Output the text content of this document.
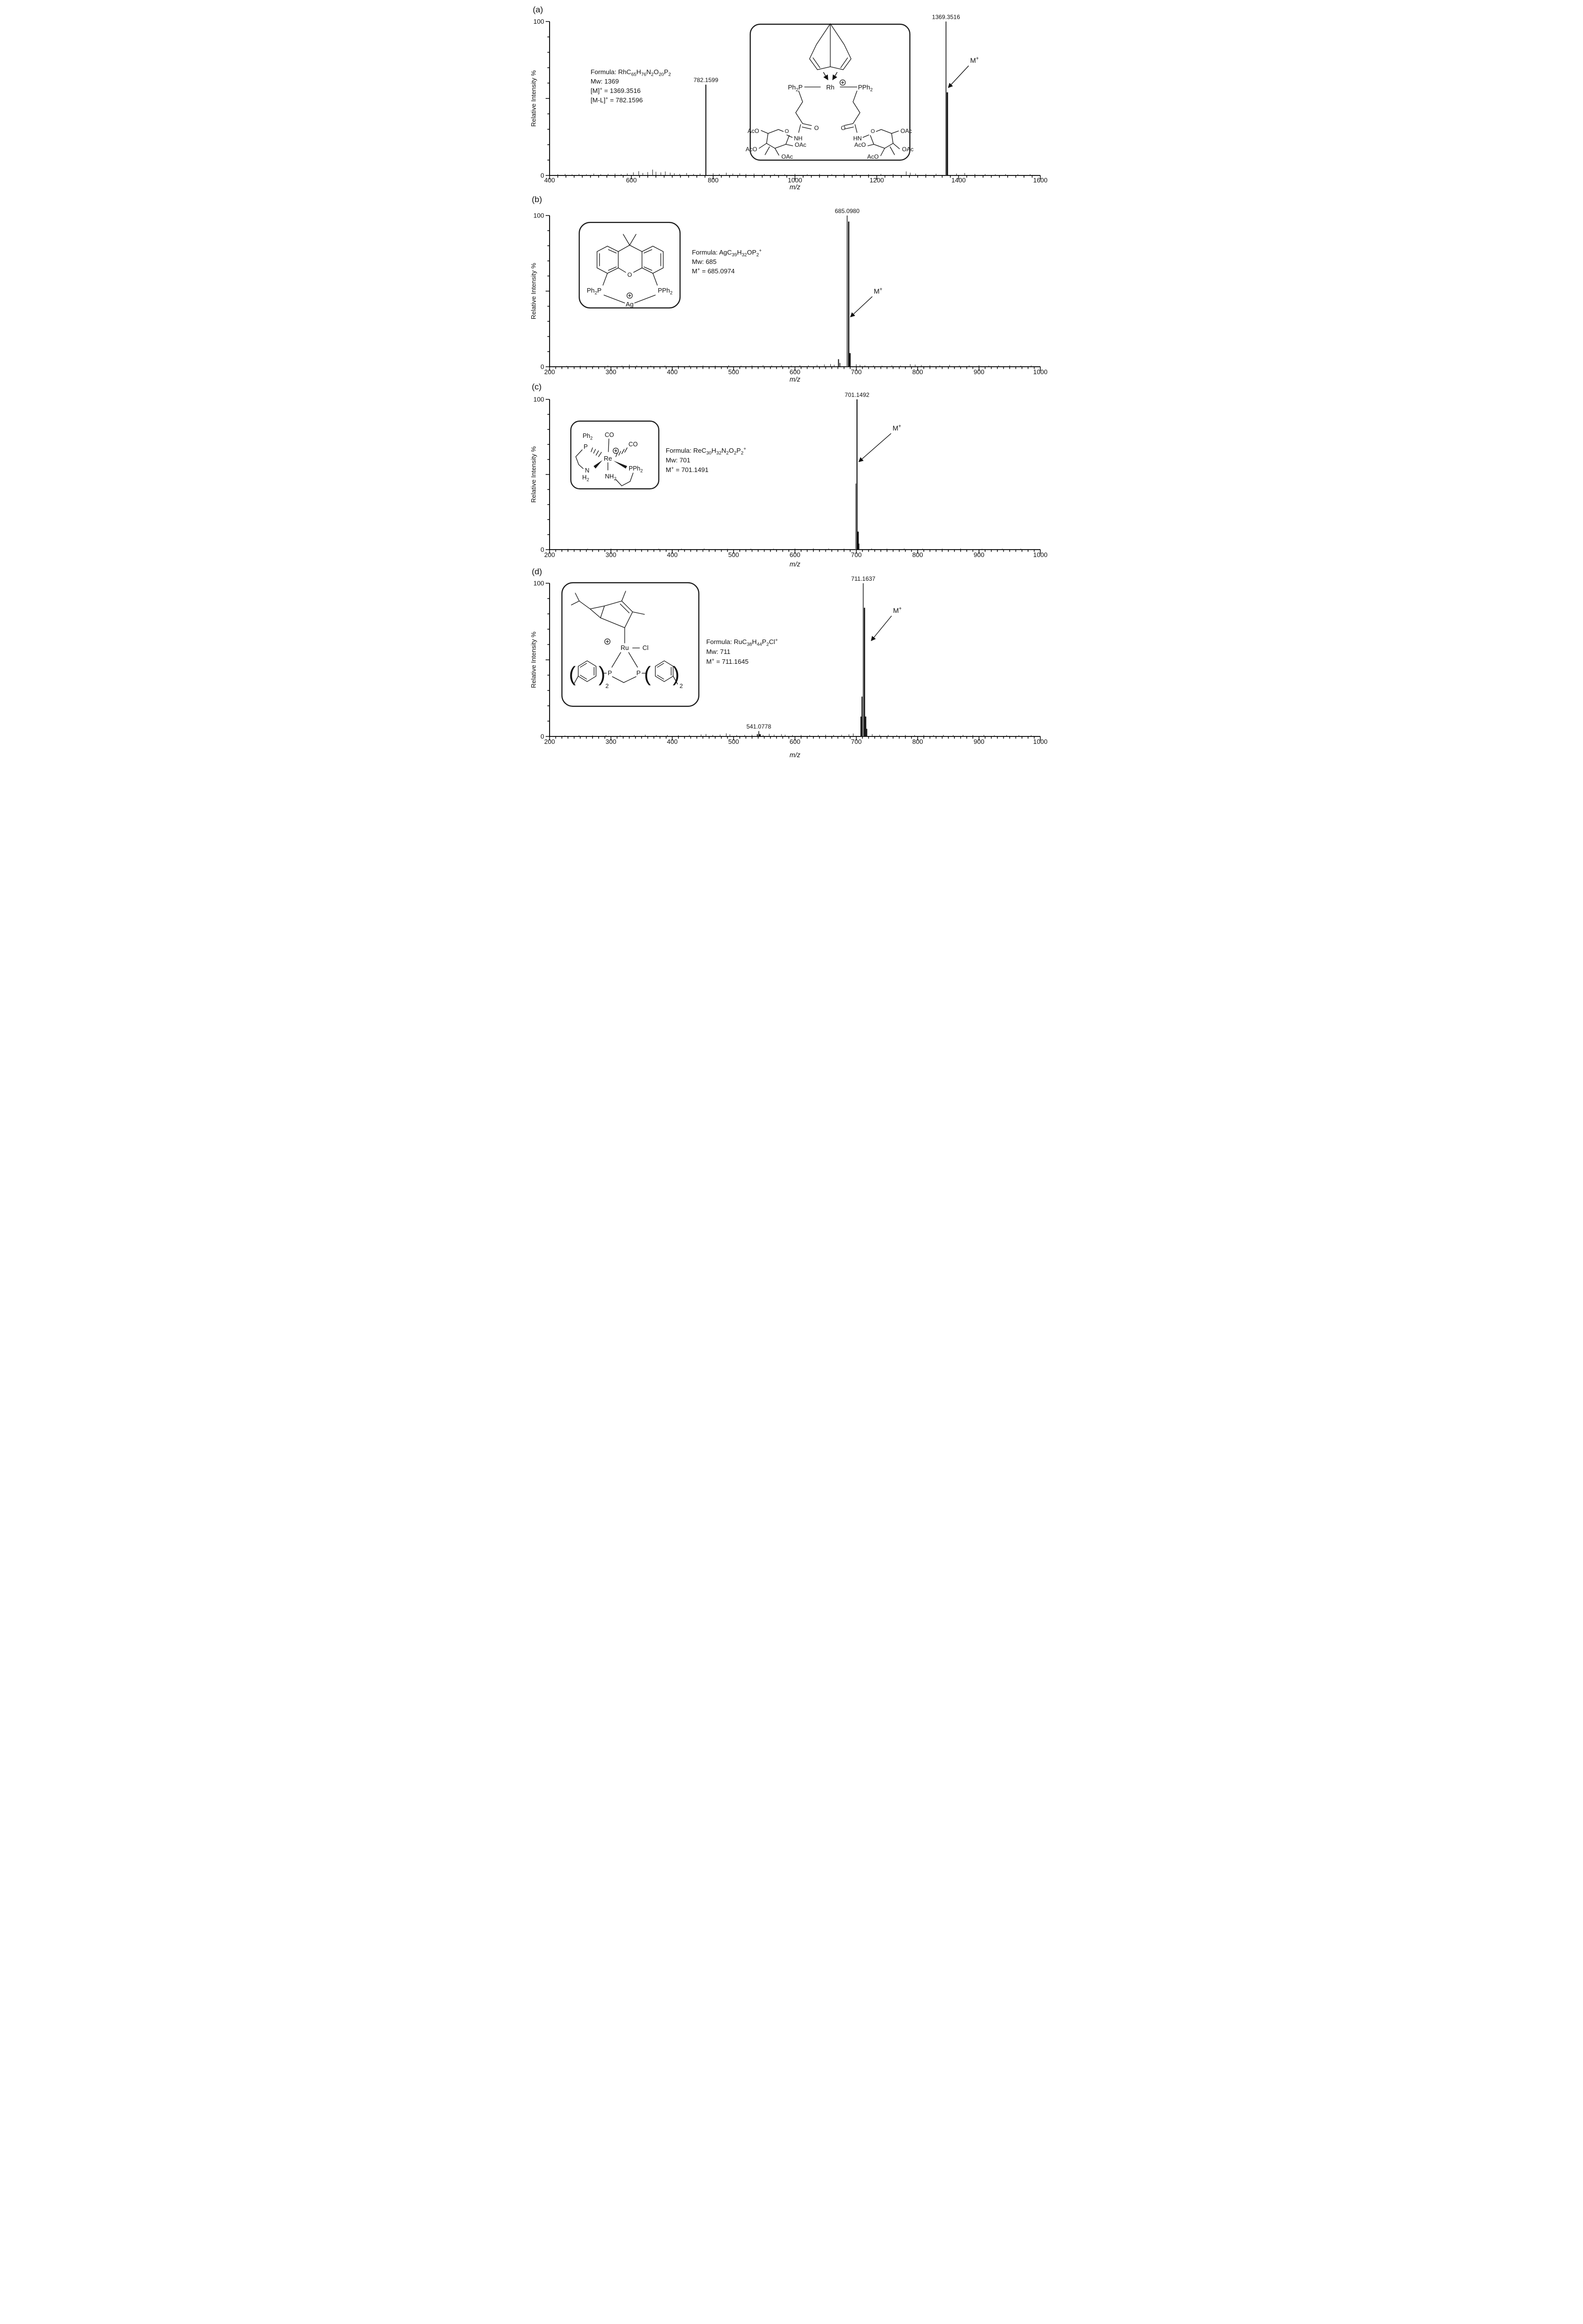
(a)
100
0
Relative Intensity %
400	600	800	1000	1200	1400	1600
m/z
782.1599
1369.3516
M+
Formula: $RhC_{65}H_{76}N_2O_{20}P_2$
Mw: 1369
[M]+ = 1369.3516
[M-L]+ = 782.1596
$Ph_2P$	Rh	PPh$_2$
O	O
NH	HN
O	O
AcO
OAc
AcO
OAc
OAc
AcO
OAc
AcO
(b)
100
0
Relative Intensity %
200	300	400	500	600	700	800	900	1000
m/z
685.0980
M+
Formula: $AgC_{39}H_{32}OP_2^+$
Mw: 685
M+ = 685.0974
$Ph_2P$	PPh$_2$
O
Ag
(c)
100
0
Relative Intensity %
200	300	400	500	600	700	800	900	1000
m/z
701.1492
M+
Formula: $ReC_{30}H_{32}N_2O_2P_2^+$
Mw: 701
M+ = 701.1491
$Ph_2$ CO
P	CO
Re
N
$H_2$	$NH_2$
PPh$_2$
(d)
100
0
Relative Intensity %
200	300	400	500	600	700	800	900	1000
m/z
711.1637
541.0778
M+
Formula: $RuC_{38}H_{44}P_2Cl^+$
Mw: 711
M+ = 711.1645
Ru Cl
P	P
( )
2
( )
2
